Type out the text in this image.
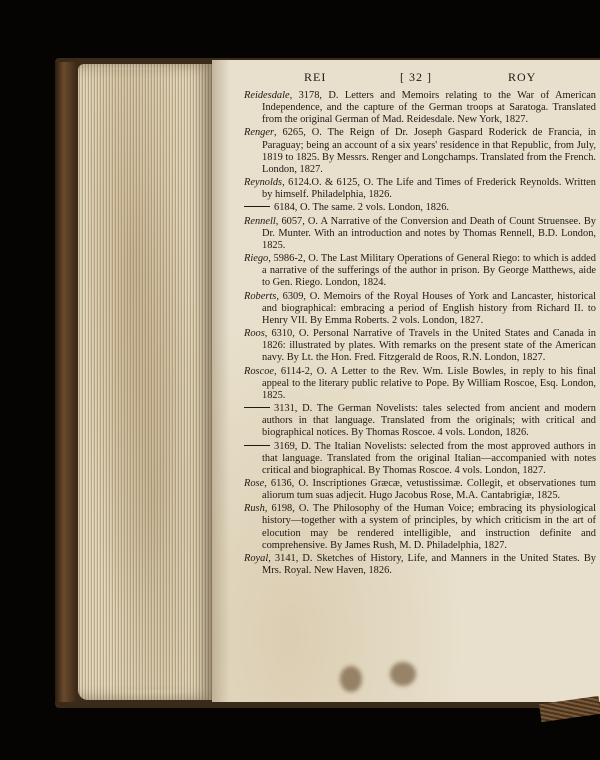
REI	[ 32 ]	ROY

Reidesdale, 3178, D. Letters and Memoirs relating to the War of American Independence, and the capture of the German troops at Saratoga. Translated from the original German of Mad. Reidesdale. New York, 1827.

Renger, 6265, O. The Reign of Dr. Joseph Gaspard Roderick de Francia, in Paraguay; being an account of a six years' residence in that Republic, from July, 1819 to 1825. By Messrs. Renger and Longchamps. Translated from the French. London, 1827.

Reynolds, 6124.O. & 6125, O. The Life and Times of Frederick Reynolds. Written by himself. Philadelphia, 1826.

6184, O. The same. 2 vols. London, 1826.

Rennell, 6057, O. A Narrative of the Conversion and Death of Count Struensee. By Dr. Munter. With an introduction and notes by Thomas Rennell, B.D. London, 1825.

Riego, 5986-2, O. The Last Military Operations of General Riego: to which is added a narrative of the sufferings of the author in prison. By George Matthews, aide to Gen. Riego. London, 1824.

Roberts, 6309, O. Memoirs of the Royal Houses of York and Lancaster, historical and biographical: embracing a period of English history from Richard II. to Henry VII. By Emma Roberts. 2 vols. London, 1827.

Roos, 6310, O. Personal Narrative of Travels in the United States and Canada in 1826: illustrated by plates. With remarks on the present state of the American navy. By Lt. the Hon. Fred. Fitzgerald de Roos, R.N. London, 1827.

Roscoe, 6114-2, O. A Letter to the Rev. Wm. Lisle Bowles, in reply to his final appeal to the literary public relative to Pope. By William Roscoe, Esq. London, 1825.

3131, D. The German Novelists: tales selected from ancient and modern authors in that language. Translated from the originals; with critical and biographical notices. By Thomas Roscoe. 4 vols. London, 1826.

3169, D. The Italian Novelists: selected from the most approved authors in that language. Translated from the original Italian—accompanied with notes critical and biographical. By Thomas Roscoe. 4 vols. London, 1827.

Rose, 6136, O. Inscriptiones Græcæ, vetustissimæ. Collegit, et observationes tum aliorum tum suas adjecit. Hugo Jacobus Rose, M.A. Cantabrigiæ, 1825.

Rush, 6198, O. The Philosophy of the Human Voice; embracing its physiological history—together with a system of principles, by which criticism in the art of elocution may be rendered intelligible, and instruction definite and comprehensive. By James Rush, M. D. Philadelphia, 1827.

Royal, 3141, D. Sketches of History, Life, and Manners in the United States. By Mrs. Royal. New Haven, 1826.
